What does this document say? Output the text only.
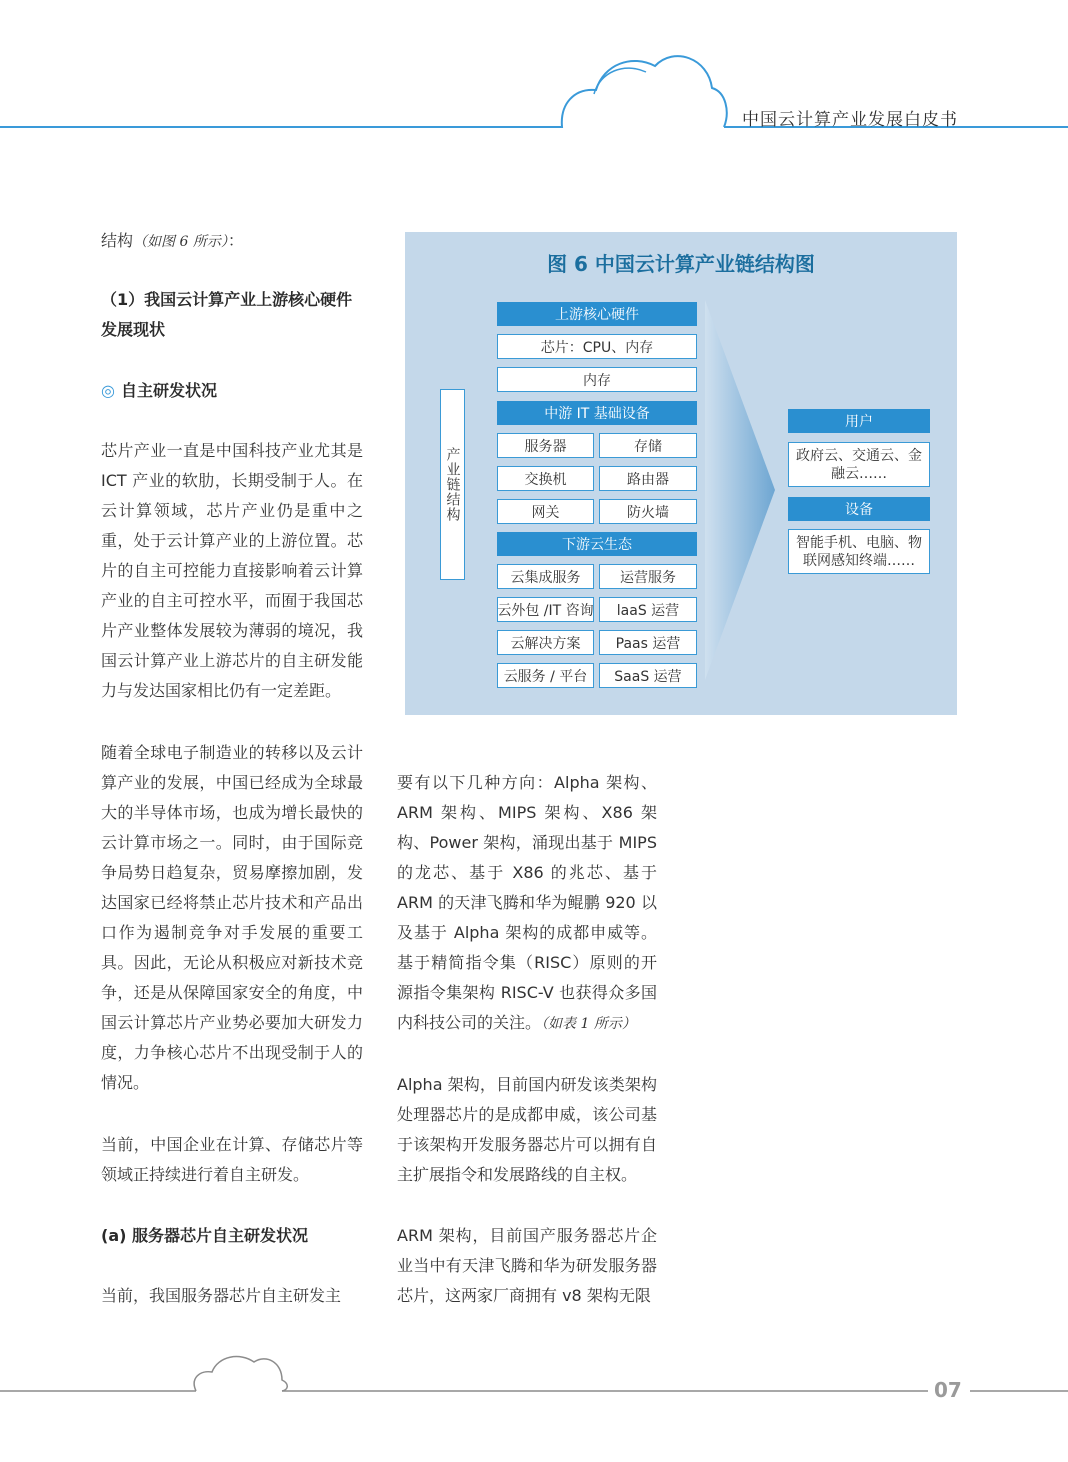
中国云计算产业发展白皮书

结构（如图 6 所示）：

（1）我国云计算产业上游核心硬件
发展现状

◎ 自主研发状况

芯片产业一直是中国科技产业尤其是ICT 产业的软肋，长期受制于人。在云计算领域，芯片产业仍是重中之重，处于云计算产业的上游位置。芯片的自主可控能力直接影响着云计算产业的自主可控水平，而囿于我国芯片产业整体发展较为薄弱的境况，我国云计算产业上游芯片的自主研发能力与发达国家相比仍有一定差距。

随着全球电子制造业的转移以及云计算产业的发展，中国已经成为全球最大的半导体市场，也成为增长最快的云计算市场之一。同时，由于国际竞争局势日趋复杂，贸易摩擦加剧，发达国家已经将禁止芯片技术和产品出口作为遏制竞争对手发展的重要工具。因此，无论从积极应对新技术竞争，还是从保障国家安全的角度，中国云计算芯片产业势必要加大研发力度，力争核心芯片不出现受制于人的情况。

当前，中国企业在计算、存储芯片等领域正持续进行着自主研发。

(a) 服务器芯片自主研发状况

当前，我国服务器芯片自主研发主

要有以下几种方向：Alpha 架构、ARM 架构、MIPS 架构、X86 架构、Power 架构，涌现出基于 MIPS 的龙芯、基于 X86 的兆芯、基于 ARM 的天津飞腾和华为鲲鹏 920 以及基于 Alpha 架构的成都申威等。基于精简指令集（RISC）原则的开源指令集架构 RISC-V 也获得众多国内科技公司的关注。（如表 1 所示）

Alpha 架构，目前国内研发该类架构处理器芯片的是成都申威，该公司基于该架构开发服务器芯片可以拥有自主扩展指令和发展路线的自主权。

ARM 架构，目前国产服务器芯片企业当中有天津飞腾和华为研发服务器芯片，这两家厂商拥有 v8 架构无限

图 6 中国云计算产业链结构图
产业链结构
上游核心硬件
芯片：CPU、内存
内存
中游 IT 基础设备
服务器	存储
交换机	路由器
网关	防火墙
下游云生态
云集成服务	运营服务
云外包 /IT 咨询	laaS 运营
云解决方案	Paas 运营
云服务 / 平台	SaaS 运营
用户
政府云、交通云、金融云……
设备
智能手机、电脑、物联网感知终端……
07
